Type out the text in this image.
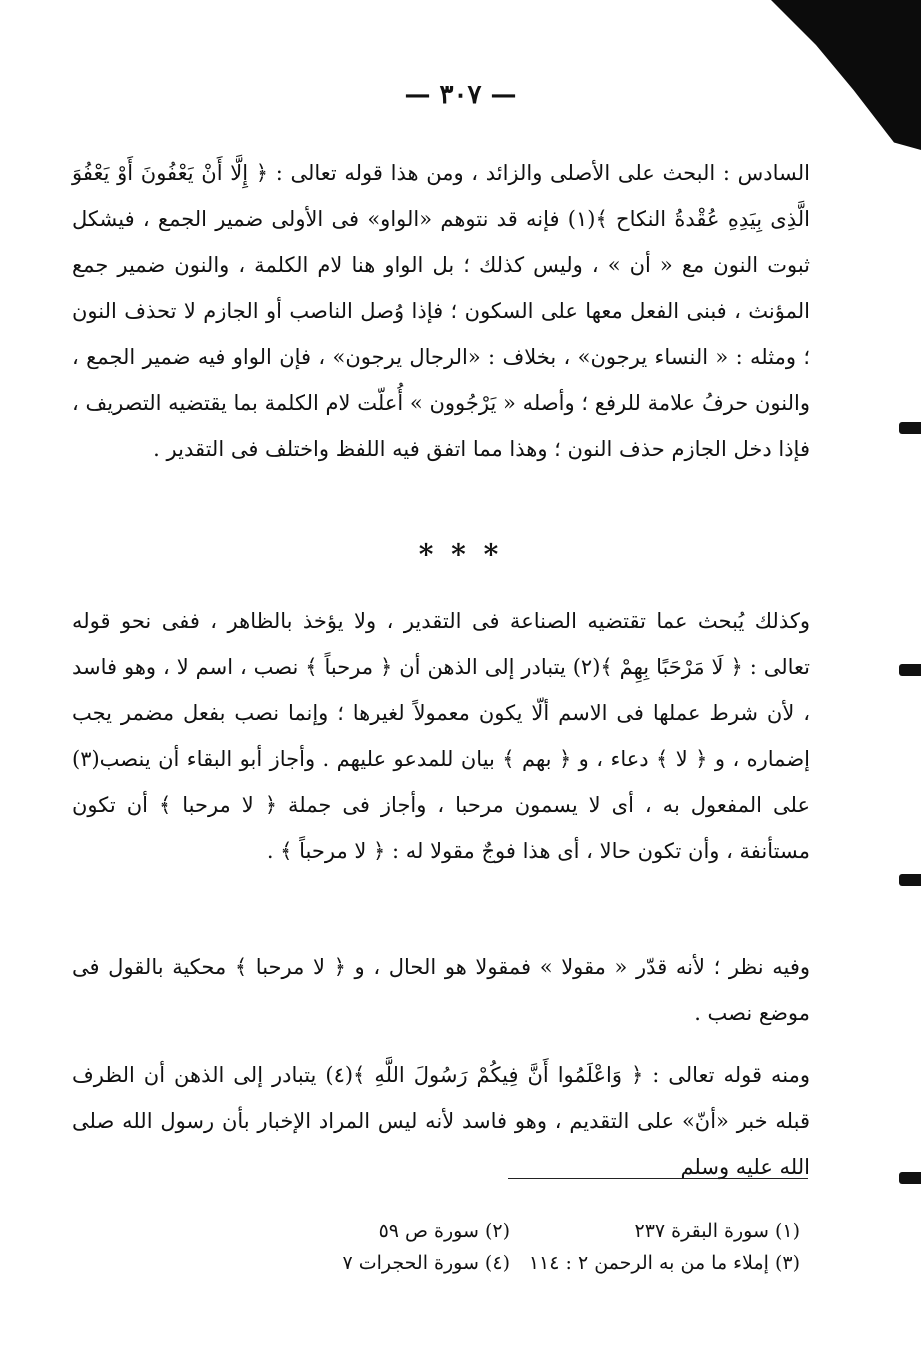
— ٣٠٧ —

السادس : البحث على الأصلى والزائد ، ومن هذا قوله تعالى : ﴿ إِلَّا أَنْ يَعْفُونَ أَوْ يَعْفُوَ الَّذِى بِيَدِهِ عُقْدةُ النكاح ﴾(١) فإنه قد نتوهم «الواو» فى الأولى ضمير الجمع ، فيشكل ثبوت النون مع « أن » ، وليس كذلك ؛ بل الواو هنا لام الكلمة ، والنون ضمير جمع المؤنث ، فبنى الفعل معها على السكون ؛ فإذا وُصل الناصب أو الجازم لا تحذف النون ؛ ومثله : « النساء يرجون» ، بخلاف : «الرجال يرجون» ، فإن الواو فيه ضمير الجمع ، والنون حرفُ علامة للرفع ؛ وأصله « يَرْجُوون » أُعلّت لام الكلمة بما يقتضيه التصريف ، فإذا دخل الجازم حذف النون ؛ وهذا مما اتفق فيه اللفظ واختلف فى التقدير .

* * *

وكذلك يُبحث عما تقتضيه الصناعة فى التقدير ، ولا يؤخذ بالظاهر ، ففى نحو قوله تعالى : ﴿ لَا مَرْحَبًا بِهِمْ ﴾(٢) يتبادر إلى الذهن أن ﴿ مرحباً ﴾ نصب ، اسم لا ، وهو فاسد ، لأن شرط عملها فى الاسم ألّا يكون معمولاً لغيرها ؛ وإنما نصب بفعل مضمر يجب إضماره ، و ﴿ لا ﴾ دعاء ، و ﴿ بهم ﴾ بيان للمدعو عليهم . وأجاز أبو البقاء أن ينصب(٣) على المفعول به ، أى لا يسمون مرحبا ، وأجاز فى جملة ﴿ لا مرحبا ﴾ أن تكون مستأنفة ، وأن تكون حالا ، أى هذا فوجٌ مقولا له : ﴿ لا مرحباً ﴾ .

وفيه نظر ؛ لأنه قدّر « مقولا » فمقولا هو الحال ، و ﴿ لا مرحبا ﴾ محكية بالقول فى موضع نصب .

ومنه قوله تعالى : ﴿ وَاعْلَمُوا أَنَّ فِيكُمْ رَسُولَ اللَّهِ ﴾(٤) يتبادر إلى الذهن أن الظرف قبله خبر «أنّ» على التقديم ، وهو فاسد لأنه ليس المراد الإخبار بأن رسول الله صلى الله عليه وسلم

(١) سورة البقرة ٢٣٧
(٢) سورة ص ٥٩
(٣) إملاء ما من به الرحمن ٢ : ١١٤
(٤) سورة الحجرات ٧
